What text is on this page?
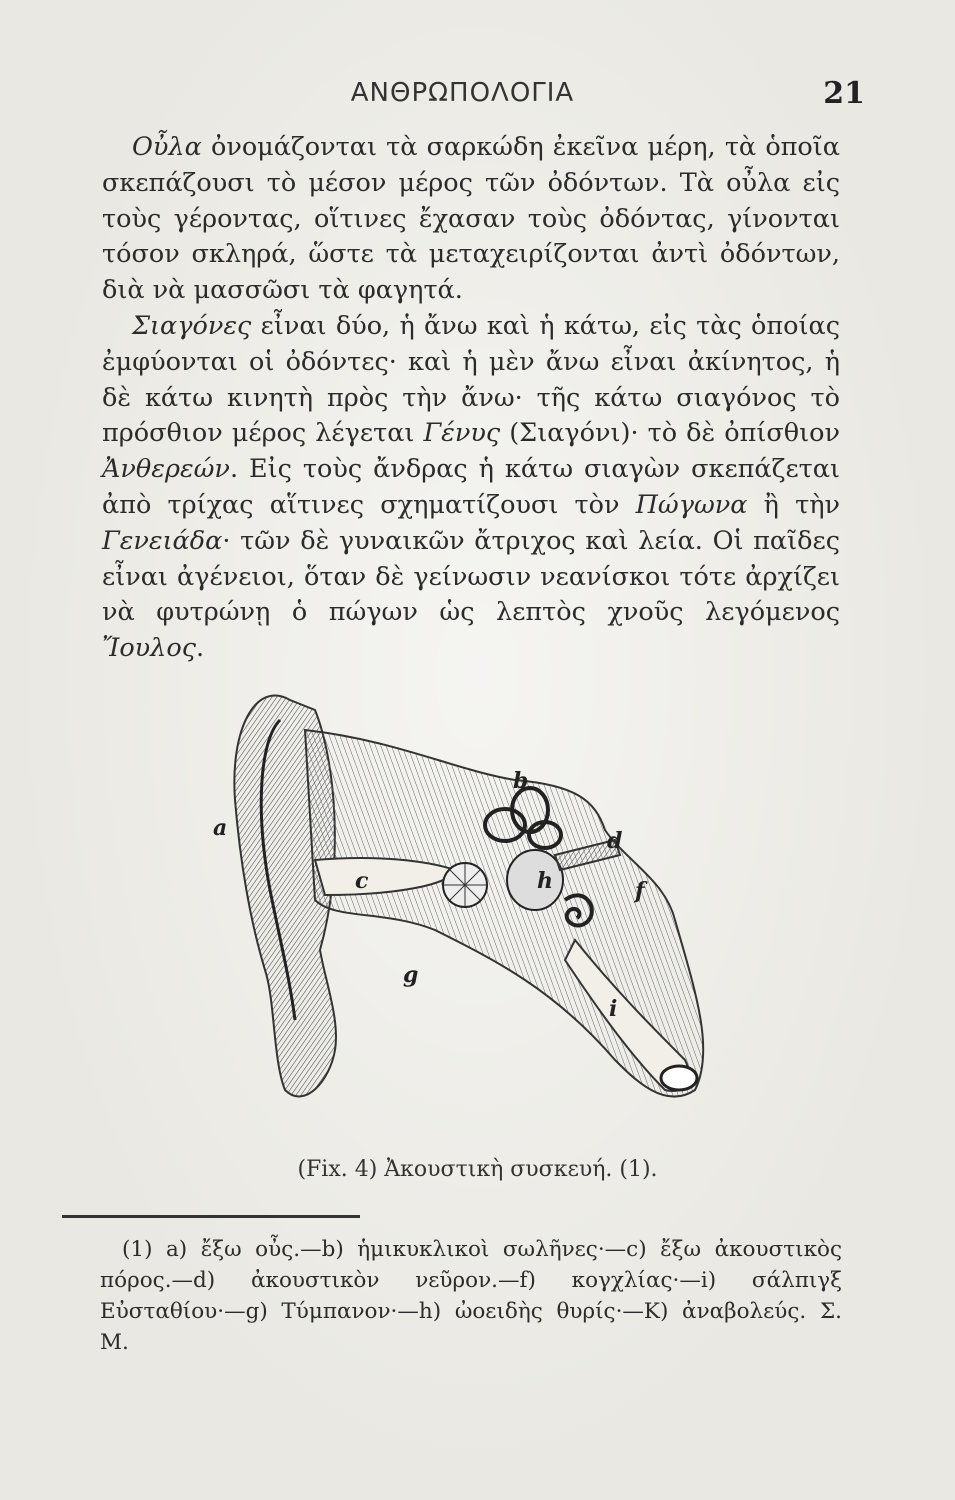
ΑΝΘΡΩΠΟΛΟΓΙΑ	21

Οὖλα ὀνομάζονται τὰ σαρκώδη ἐκεῖνα μέρη, τὰ ὁποῖα σκεπάζουσι τὸ μέσον μέρος τῶν ὀδόντων. Τὰ οὖλα εἰς τοὺς γέροντας, οἵτινες ἔχασαν τοὺς ὀδόντας, γίνονται τόσον σκληρά, ὥστε τὰ μεταχειρίζονται ἀντὶ ὀδόντων, διὰ νὰ μασσῶσι τὰ φαγητά.

Σιαγόνες εἶναι δύο, ἡ ἄνω καὶ ἡ κάτω, εἰς τὰς ὁποίας ἐμφύονται οἱ ὀδόντες· καὶ ἡ μὲν ἄνω εἶναι ἀκίνητος, ἡ δὲ κάτω κινητὴ πρὸς τὴν ἄνω· τῆς κάτω σιαγόνος τὸ πρόσθιον μέρος λέγεται Γένυς (Σιαγόνι)· τὸ δὲ ὀπίσθιον Ἀνθερεών. Εἰς τοὺς ἄνδρας ἡ κάτω σιαγὼν σκεπάζεται ἀπὸ τρίχας αἵτινες σχηματίζουσι τὸν Πώγωνα ἢ τὴν Γενειάδα· τῶν δὲ γυναικῶν ἄτριχος καὶ λεία. Οἱ παῖδες εἶναι ἀγένειοι, ὅταν δὲ γείνωσιν νεανίσκοι τότε ἀρχίζει νὰ φυτρώνῃ ὁ πώγων ὡς λεπτὸς χνοῦς λεγόμενος Ἴουλος.

a
b
c
d
f
g
h
i
(Fix. 4) Ἀκουστικὴ συσκευή. (1).

(1) a) ἔξω οὖς.—b) ἡμικυκλικοὶ σωλῆνες·—c) ἔξω ἀκουστικὸς πόρος.—d) ἀκουστικὸν νεῦρον.—f) κογχλίας·—i) σάλπιγξ Εὐσταθίου·—g) Τύμπανον·—h) ὠοειδὴς θυρίς·—K) ἀναβολεύς. Σ. Μ.
